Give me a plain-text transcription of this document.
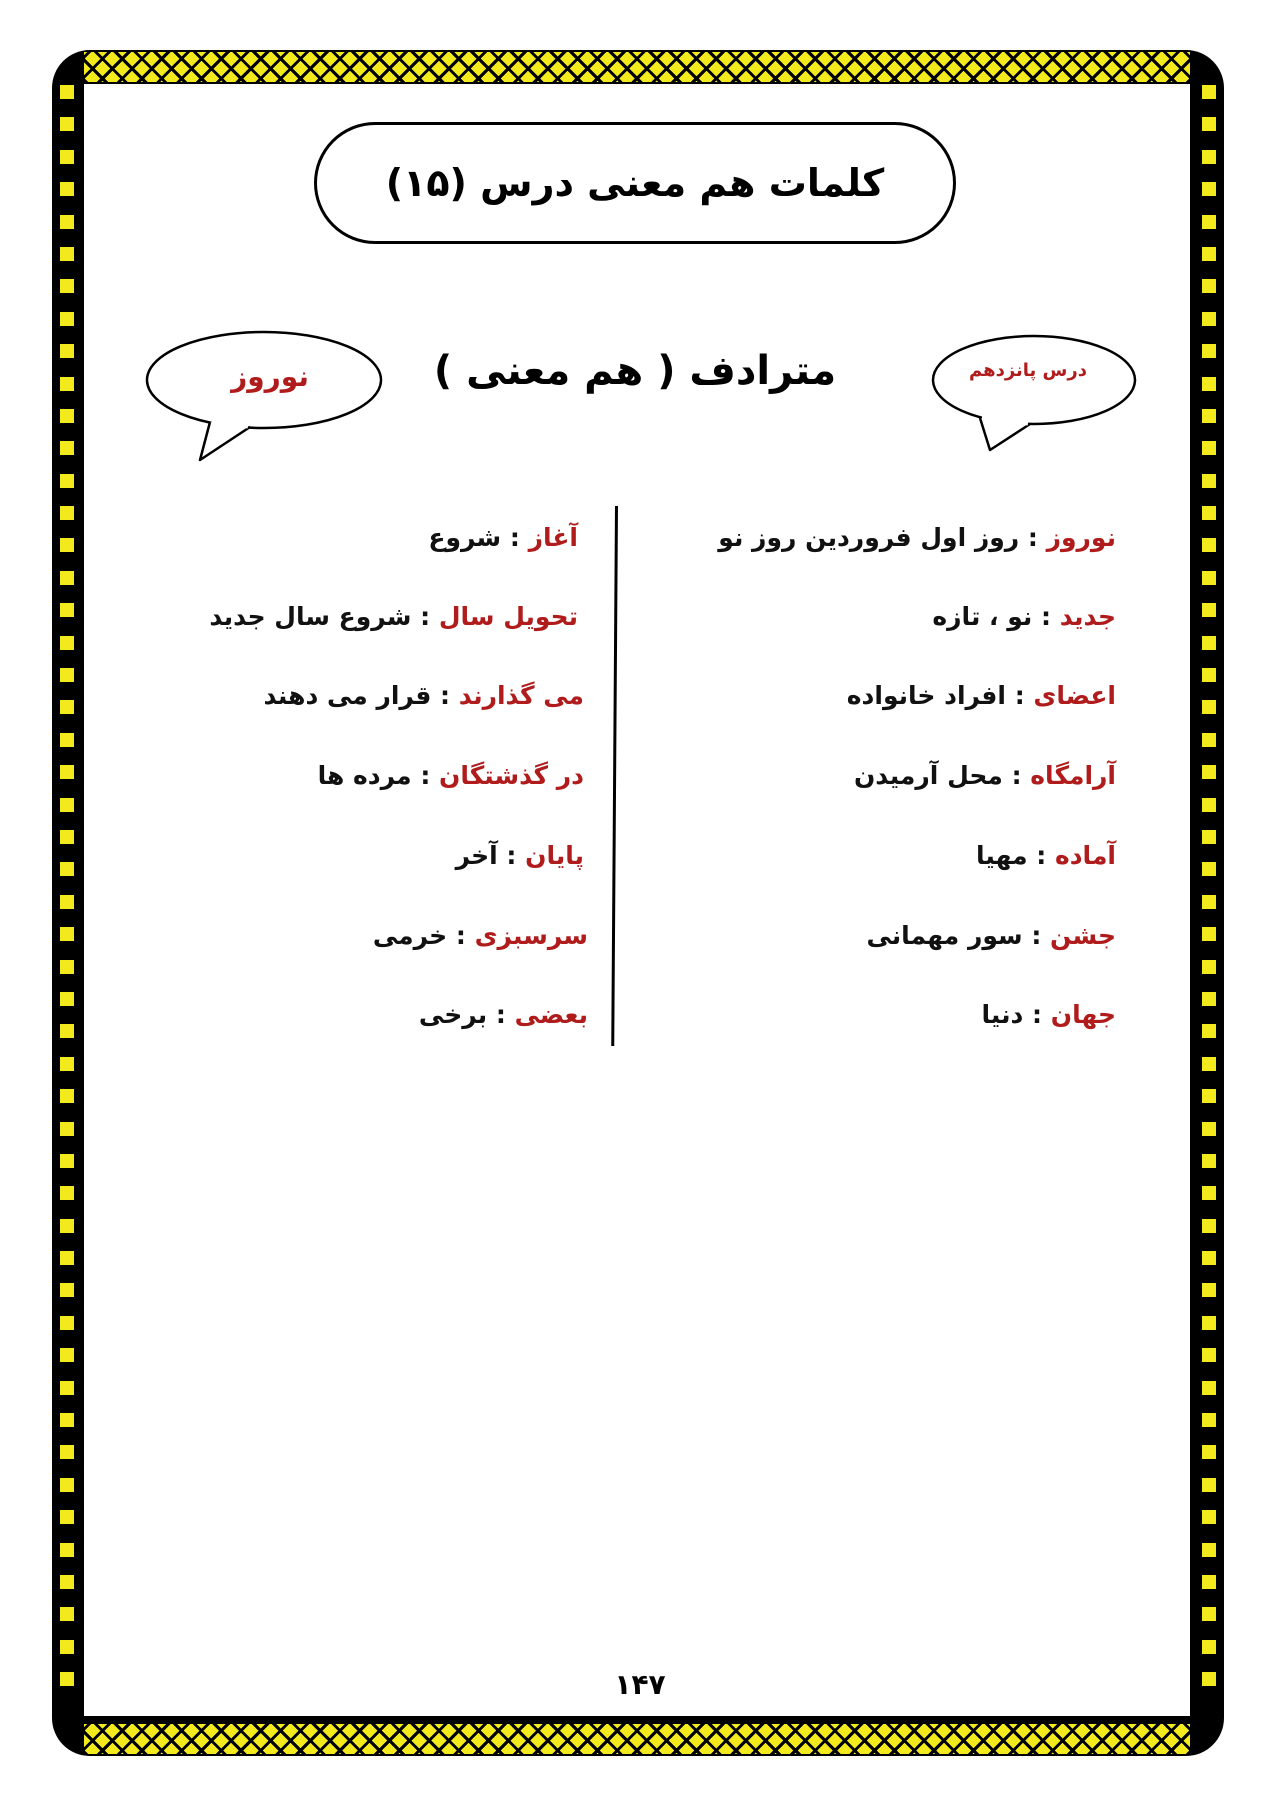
کلمات هم معنی درس (۱۵)
نوروز	درس پانزدهم
مترادف ( هم معنی )
نوروز : روز اول فروردین روز نو
جدید : نو ، تازه
اعضای : افراد خانواده
آرامگاه : محل آرمیدن
آماده : مهیا
جشن : سور مهمانی
جهان : دنیا
آغاز : شروع
تحویل سال : شروع سال جدید
می گذارند : قرار می دهند
در گذشتگان : مرده ها
پایان : آخر
سرسبزی : خرمی
بعضی : برخی
۱۴۷
